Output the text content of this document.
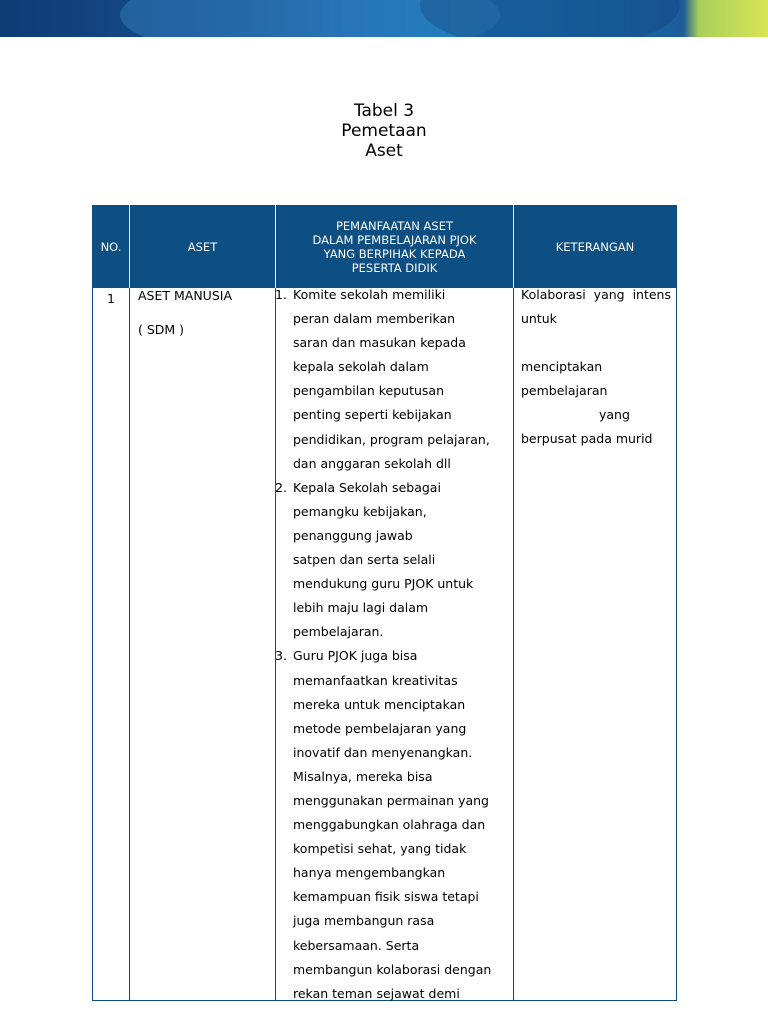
Tabel 3
Pemetaan
Aset
NO.	ASET
PEMANFAATAN ASET
DALAM PEMBELAJARAN PJOK
YANG BERPIHAK KEPADA
PESERTA DIDIK
KETERANGAN
1	ASET MANUSIA
( SDM )
1. Komite sekolah memiliki
peran dalam memberikan
saran dan masukan kepada
kepala sekolah dalam
pengambilan keputusan
penting seperti kebijakan
pendidikan, program pelajaran,
dan anggaran sekolah dll
2. Kepala Sekolah sebagai
pemangku kebijakan,
penanggung jawab
satpen dan serta selali
mendukung guru PJOK untuk
lebih maju lagi dalam
pembelajaran.
3. Guru PJOK juga bisa
memanfaatkan kreativitas
mereka untuk menciptakan
metode pembelajaran yang
inovatif dan menyenangkan.
Misalnya, mereka bisa
menggunakan permainan yang
menggabungkan olahraga dan
kompetisi sehat, yang tidak
hanya mengembangkan
kemampuan fisik siswa tetapi
juga membangun rasa
kebersamaan. Serta
membangun kolaborasi dengan
rekan teman sejawat demi
Kolaborasi yang intens
untuk
menciptakan
pembelajaran
yang
berpusat pada murid
